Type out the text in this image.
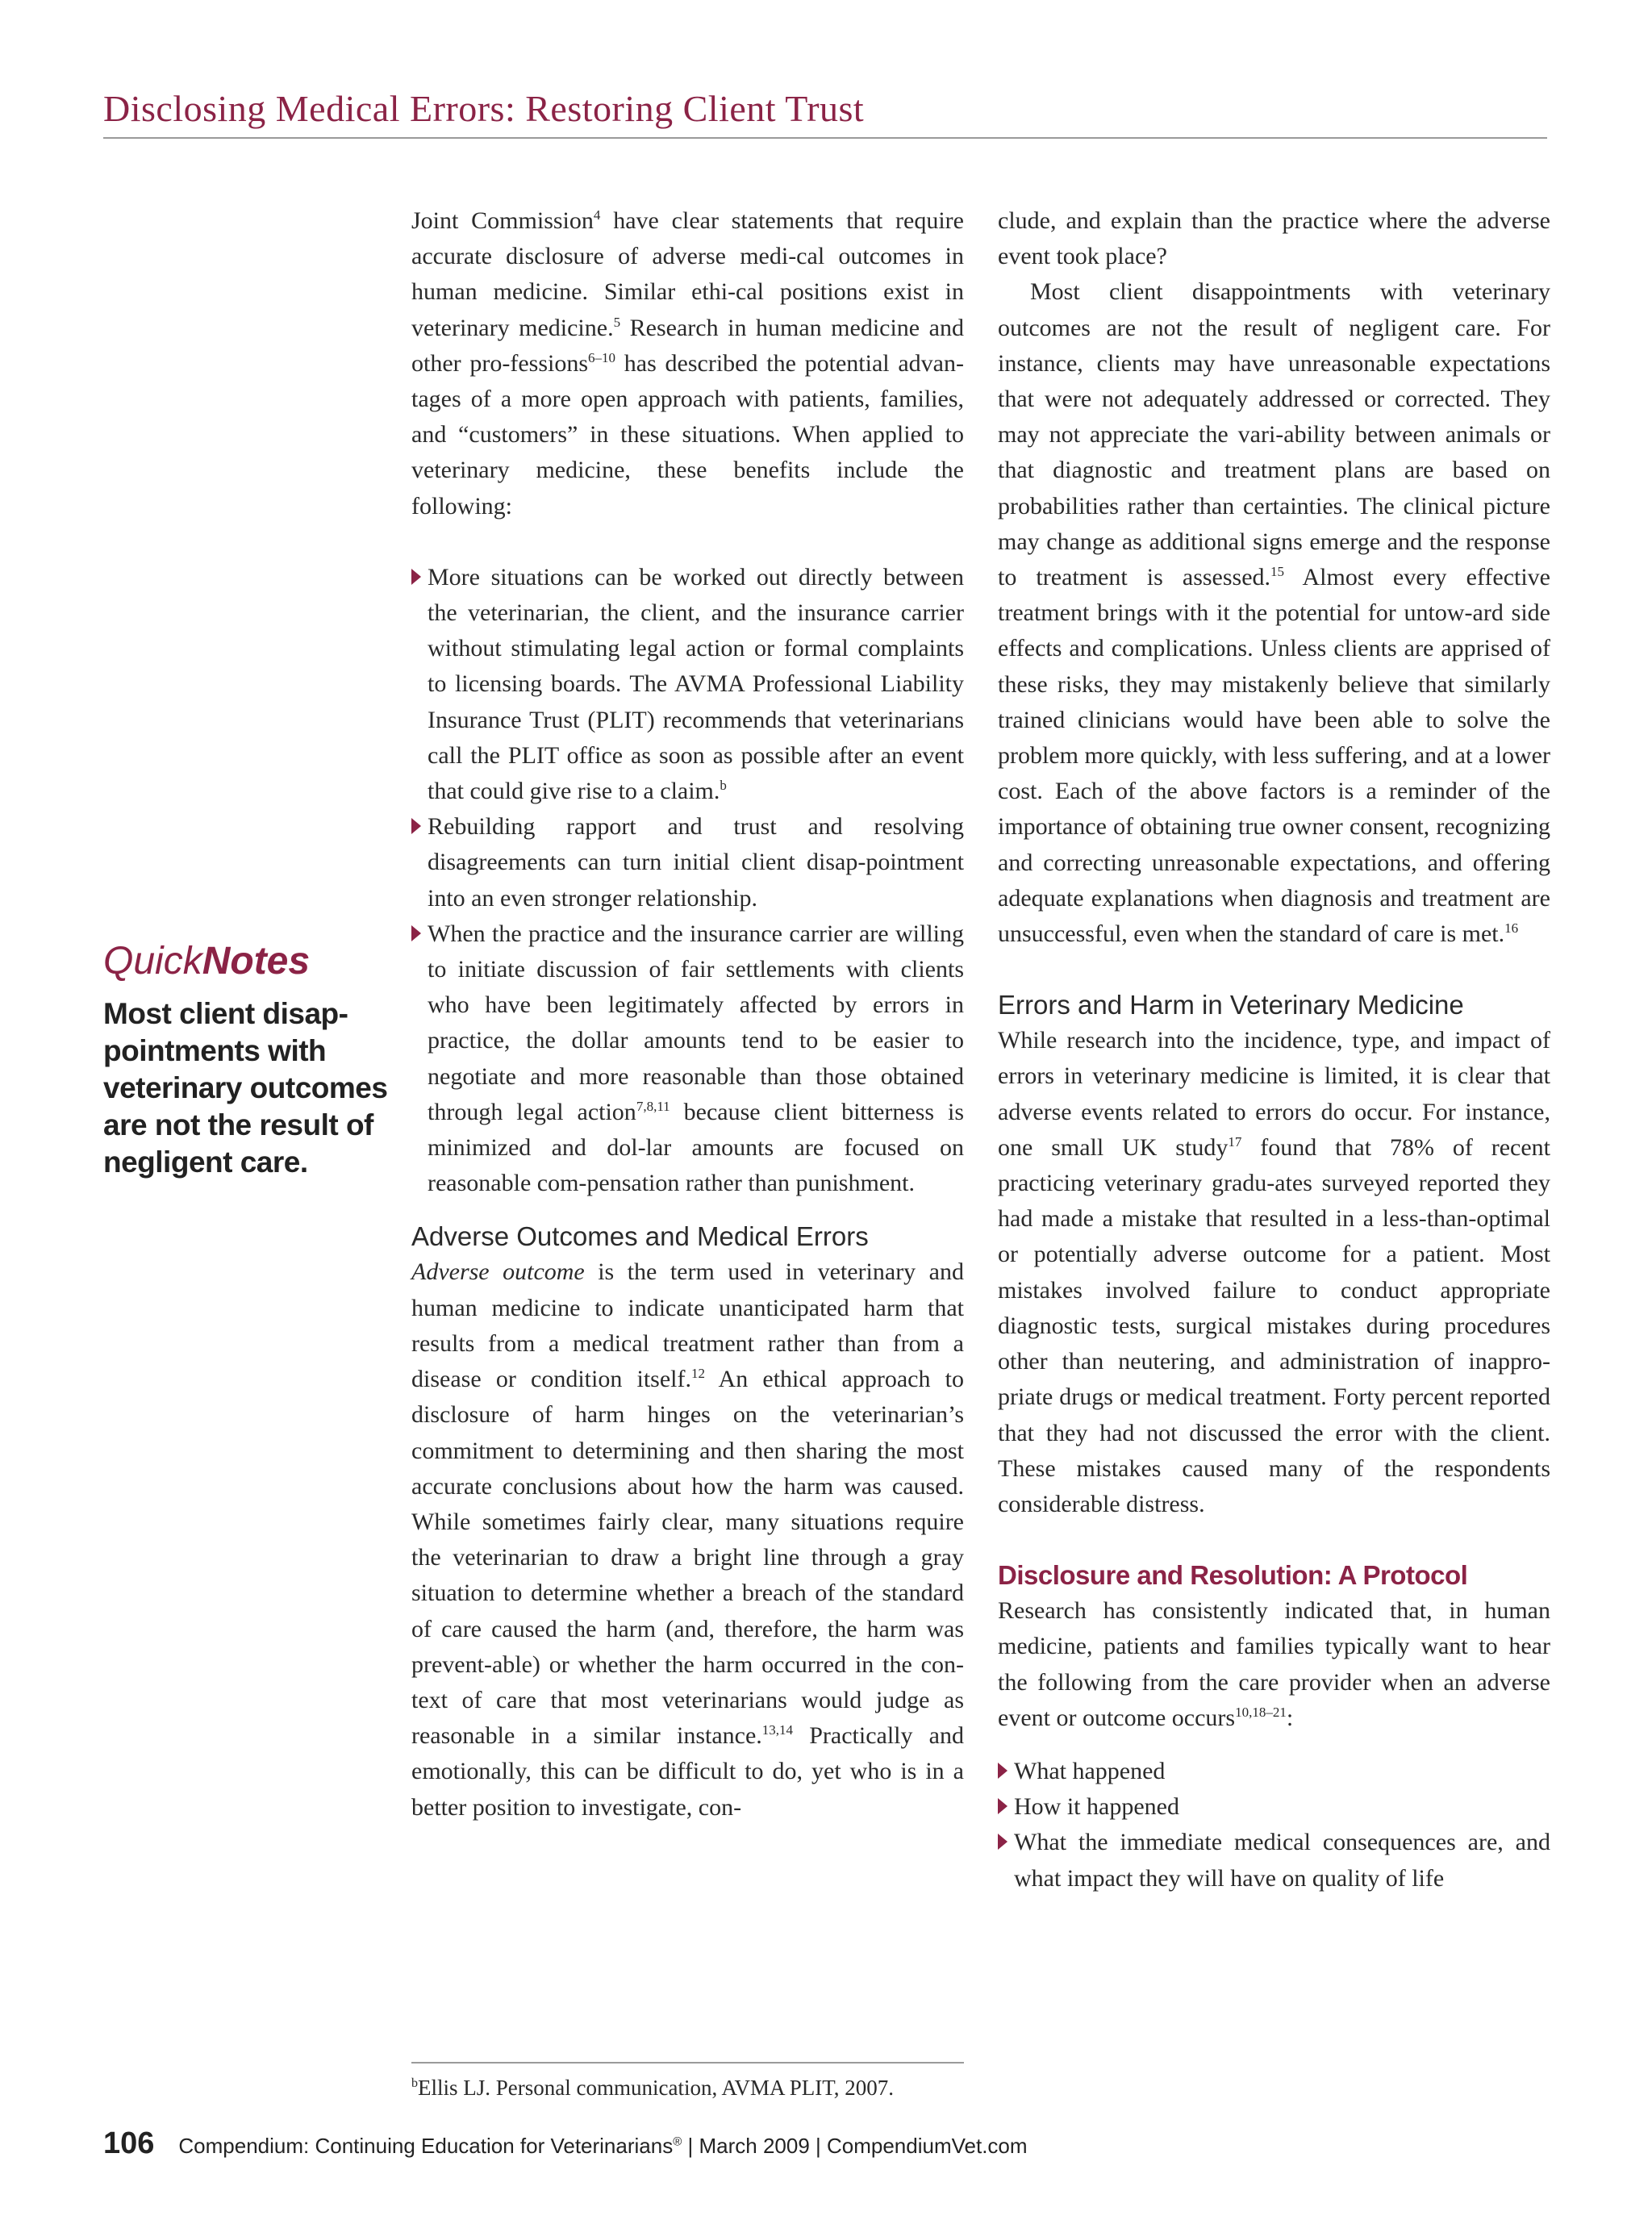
Disclosing Medical Errors: Restoring Client Trust
QuickNotes

Most client disap-pointments with veterinary outcomes are not the result of negligent care.

Joint Commission$^4$ have clear statements that require accurate disclosure of adverse medi-cal outcomes in human medicine. Similar ethi-cal positions exist in veterinary medicine.$^5$ Research in human medicine and other pro-fessions$^{6-10}$ has described the potential advan-tages of a more open approach with patients, families, and “customers” in these situations. When applied to veterinary medicine, these benefits include the following:

More situations can be worked out directly between the veterinarian, the client, and the insurance carrier without stimulating legal action or formal complaints to licensing boards. The AVMA Professional Liability Insurance Trust (PLIT) recommends that veterinarians call the PLIT office as soon as possible after an event that could give rise to a claim.$^b$
Rebuilding rapport and trust and resolving disagreements can turn initial client disap-pointment into an even stronger relationship.
When the practice and the insurance carrier are willing to initiate discussion of fair settlements with clients who have been legitimately affected by errors in practice, the dollar amounts tend to be easier to negotiate and more reasonable than those obtained through legal action$^{7,8,11}$ because client bitterness is minimized and dol-lar amounts are focused on reasonable com-pensation rather than punishment.
Adverse Outcomes and Medical Errors

Adverse outcome is the term used in veterinary and human medicine to indicate unanticipated harm that results from a medical treatment rather than from a disease or condition itself.$^{12}$ An ethical approach to disclosure of harm hinges on the veterinarian’s commitment to determining and then sharing the most accurate conclusions about how the harm was caused. While sometimes fairly clear, many situations require the veterinarian to draw a bright line through a gray situation to determine whether a breach of the standard of care caused the harm (and, therefore, the harm was prevent-able) or whether the harm occurred in the con-text of care that most veterinarians would judge as reasonable in a similar instance.$^{13,14}$ Practically and emotionally, this can be difficult to do, yet who is in a better position to investigate, con-

$^b$Ellis LJ. Personal communication, AVMA PLIT, 2007.

clude, and explain than the practice where the adverse event took place?

Most client disappointments with veterinary outcomes are not the result of negligent care. For instance, clients may have unreasonable expectations that were not adequately addressed or corrected. They may not appreciate the vari-ability between animals or that diagnostic and treatment plans are based on probabilities rather than certainties. The clinical picture may change as additional signs emerge and the response to treatment is assessed.$^{15}$ Almost every effective treatment brings with it the potential for untow-ard side effects and complications. Unless clients are apprised of these risks, they may mistakenly believe that similarly trained clinicians would have been able to solve the problem more quickly, with less suffering, and at a lower cost. Each of the above factors is a reminder of the importance of obtaining true owner consent, recognizing and correcting unreasonable expectations, and offering adequate explanations when diagnosis and treatment are unsuccessful, even when the standard of care is met.$^{16}$

Errors and Harm in Veterinary Medicine

While research into the incidence, type, and impact of errors in veterinary medicine is limited, it is clear that adverse events related to errors do occur. For instance, one small UK study$^{17}$ found that 78% of recent practicing veterinary gradu-ates surveyed reported they had made a mistake that resulted in a less-than-optimal or potentially adverse outcome for a patient. Most mistakes involved failure to conduct appropriate diagnostic tests, surgical mistakes during procedures other than neutering, and administration of inappro-priate drugs or medical treatment. Forty percent reported that they had not discussed the error with the client. These mistakes caused many of the respondents considerable distress.

Disclosure and Resolution: A Protocol

Research has consistently indicated that, in human medicine, patients and families typically want to hear the following from the care provider when an adverse event or outcome occurs$^{10,18-21}$:

What happened
How it happened
What the immediate medical consequences are, and what impact they will have on quality of life
106 Compendium: Continuing Education for Veterinarians® | March 2009 | CompendiumVet.com
